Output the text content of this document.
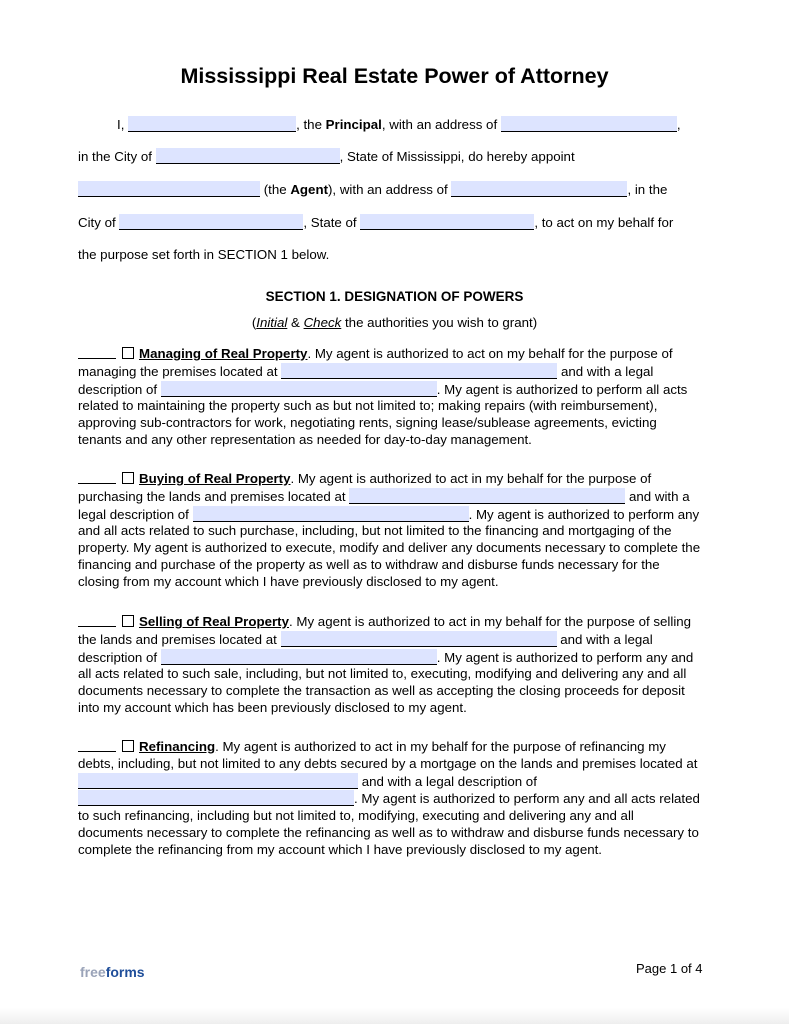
Mississippi Real Estate Power of Attorney
I,	, the Principal, with an address of	,
in the City of	, State of Mississippi, do hereby appoint
(the Agent), with an address of	, in the
City of	, State of	, to act on my behalf for
the purpose set forth in SECTION 1 below.
SECTION 1. DESIGNATION OF POWERS
(Initial & Check the authorities you wish to grant)
Managing of Real Property. My agent is authorized to act on my behalf for the purpose of managing the premises located at	and with a legal description of	. My agent is authorized to perform all acts related to maintaining the property such as but not limited to; making repairs (with reimbursement), approving sub-contractors for work, negotiating rents, signing lease/sublease agreements, evicting tenants and any other representation as needed for day-to-day management.
Buying of Real Property. My agent is authorized to act in my behalf for the purpose of purchasing the lands and premises located at	and with a legal description of	. My agent is authorized to perform any and all acts related to such purchase, including, but not limited to the financing and mortgaging of the property. My agent is authorized to execute, modify and deliver any documents necessary to complete the financing and purchase of the property as well as to withdraw and disburse funds necessary for the closing from my account which I have previously disclosed to my agent.
Selling of Real Property. My agent is authorized to act in my behalf for the purpose of selling the lands and premises located at	and with a legal description of	. My agent is authorized to perform any and all acts related to such sale, including, but not limited to, executing, modifying and delivering any and all documents necessary to complete the transaction as well as accepting the closing proceeds for deposit into my account which has been previously disclosed to my agent.
Refinancing. My agent is authorized to act in my behalf for the purpose of refinancing my debts, including, but not limited to any debts secured by a mortgage on the lands and premises located at  and with a legal description of . My agent is authorized to perform any and all acts related to such refinancing, including but not limited to, modifying, executing and delivering any and all documents necessary to complete the refinancing as well as to withdraw and disburse funds necessary to complete the refinancing from my account which I have previously disclosed to my agent.
freeforms	Page 1 of 4
